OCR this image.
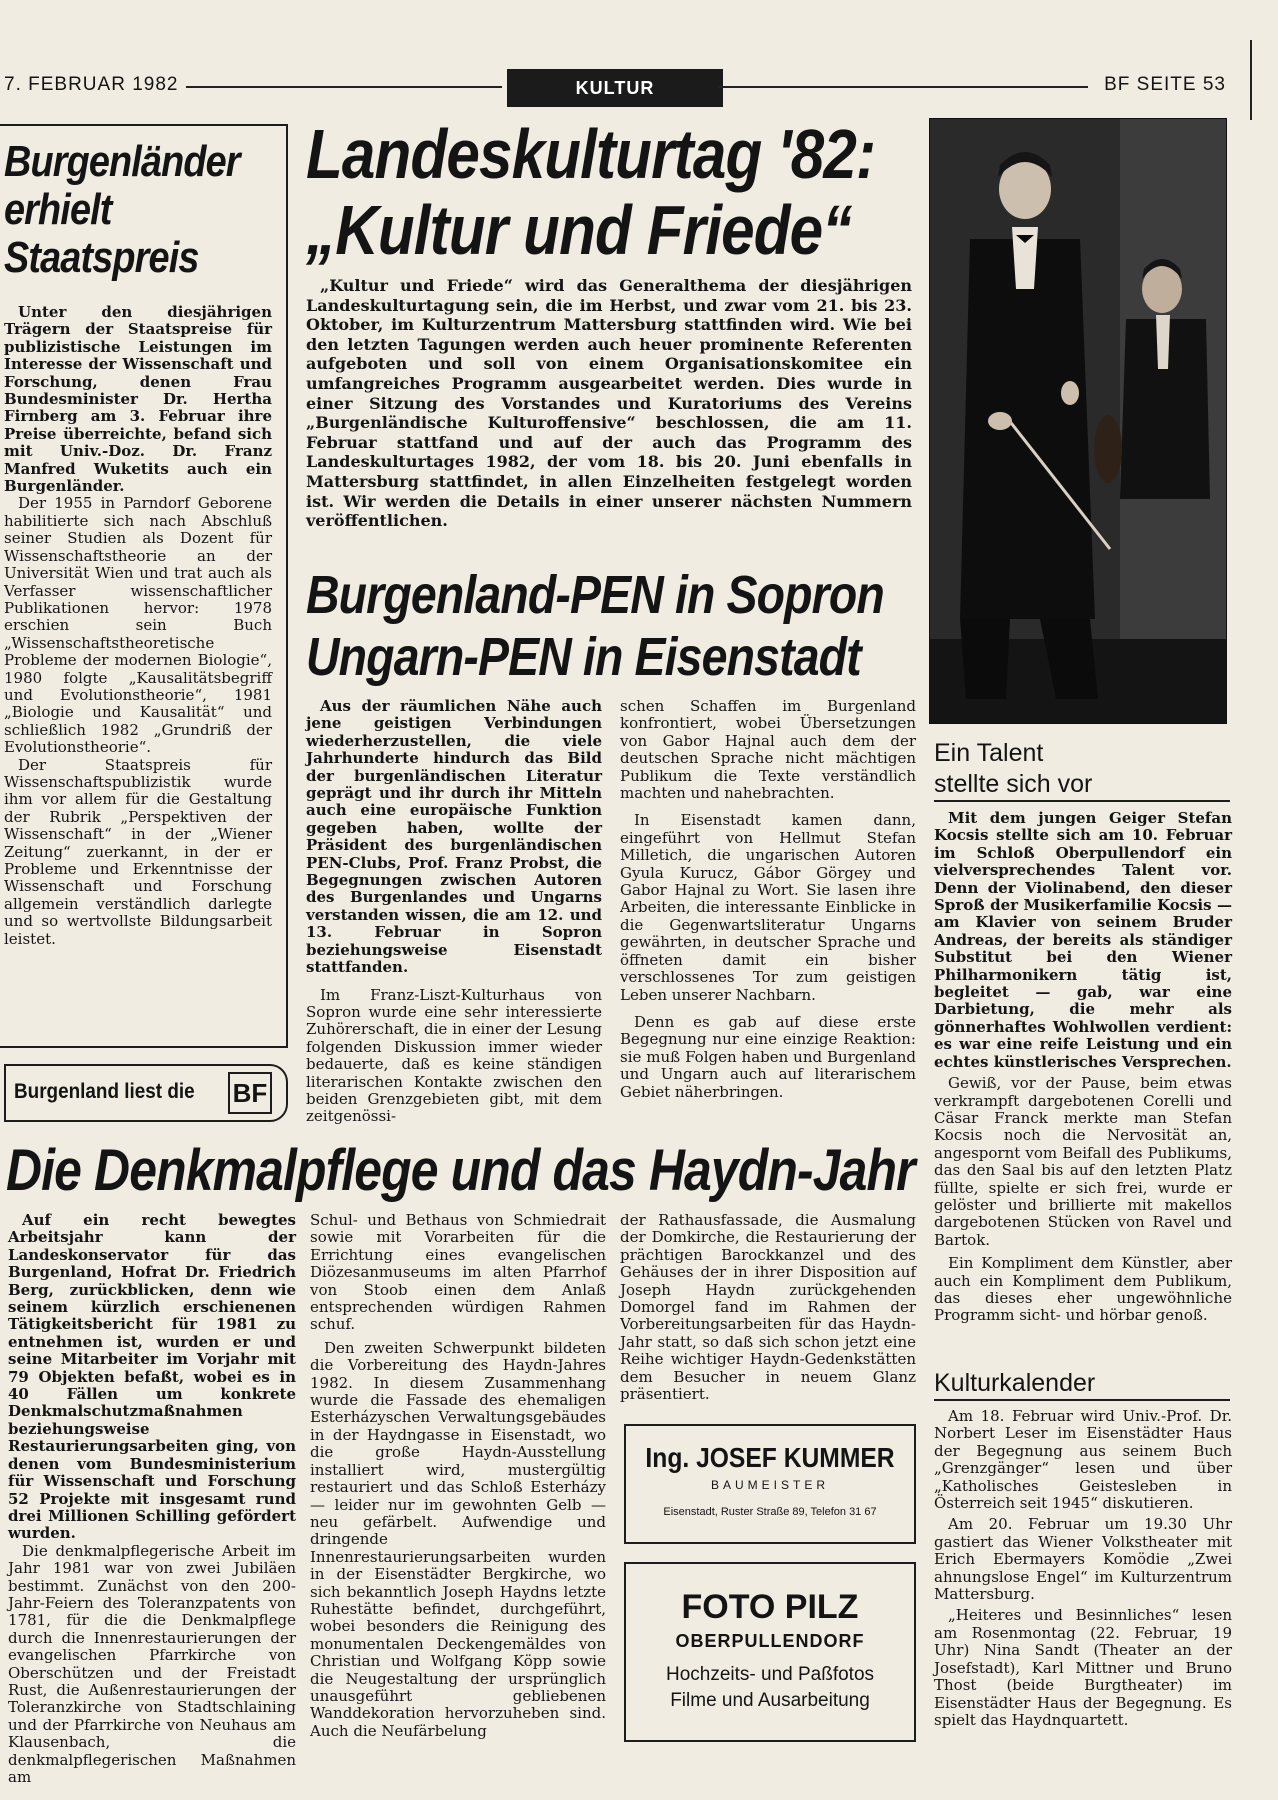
7. FEBRUAR 1982	KULTUR	BF SEITE 53
Burgenländer
erhielt
Staatspreis

Unter den diesjährigen Trägern der Staatspreise für publizistische Leistungen im Interesse der Wissenschaft und Forschung, denen Frau Bundesminister Dr. Hertha Firnberg am 3. Februar ihre Preise überreichte, befand sich mit Univ.-Doz. Dr. Franz Manfred Wuketits auch ein Burgenländer.

Der 1955 in Parndorf Geborene habilitierte sich nach Abschluß seiner Studien als Dozent für Wissenschaftstheorie an der Universität Wien und trat auch als Verfasser wissenschaftlicher Publikationen hervor: 1978 erschien sein Buch „Wissenschaftstheoretische Probleme der modernen Biologie“, 1980 folgte „Kausalitätsbegriff und Evolutionstheorie“, 1981 „Biologie und Kausalität“ und schließlich 1982 „Grundriß der Evolutionstheorie“.

Der Staatspreis für Wissenschaftspublizistik wurde ihm vor allem für die Gestaltung der Rubrik „Perspektiven der Wissenschaft“ in der „Wiener Zeitung“ zuerkannt, in der er Probleme und Erkenntnisse der Wissenschaft und Forschung allgemein verständlich darlegte und so wertvollste Bildungsarbeit leistet.

Burgenland liest die BF
Landeskulturtag '82:
„Kultur und Friede“

„Kultur und Friede“ wird das Generalthema der diesjährigen Landeskulturtagung sein, die im Herbst, und zwar vom 21. bis 23. Oktober, im Kulturzentrum Mattersburg stattfinden wird. Wie bei den letzten Tagungen werden auch heuer prominente Referenten aufgeboten und soll von einem Organisationskomitee ein umfangreiches Programm ausgearbeitet werden. Dies wurde in einer Sitzung des Vorstandes und Kuratoriums des Vereins „Burgenländische Kulturoffensive“ beschlossen, die am 11. Februar stattfand und auf der auch das Programm des Landeskulturtages 1982, der vom 18. bis 20. Juni ebenfalls in Mattersburg stattfindet, in allen Einzelheiten festgelegt worden ist. Wir werden die Details in einer unserer nächsten Nummern veröffentlichen.

Burgenland-PEN in Sopron
Ungarn-PEN in Eisenstadt

Aus der räumlichen Nähe auch jene geistigen Verbindungen wiederherzustellen, die viele Jahrhunderte hindurch das Bild der burgenländischen Literatur geprägt und ihr durch ihr Mitteln auch eine europäische Funktion gegeben haben, wollte der Präsident des burgenländischen PEN-Clubs, Prof. Franz Probst, die Begegnungen zwischen Autoren des Burgenlandes und Ungarns verstanden wissen, die am 12. und 13. Februar in Sopron beziehungsweise Eisenstadt stattfanden.

Im Franz-Liszt-Kulturhaus von Sopron wurde eine sehr interessierte Zuhörerschaft, die in einer der Lesung folgenden Diskussion immer wieder bedauerte, daß es keine ständigen literarischen Kontakte zwischen den beiden Grenzgebieten gibt, mit dem zeitgenössi-

schen Schaffen im Burgenland konfrontiert, wobei Übersetzungen von Gabor Hajnal auch dem der deutschen Sprache nicht mächtigen Publikum die Texte verständlich machten und nahebrachten.

In Eisenstadt kamen dann, eingeführt von Hellmut Stefan Milletich, die ungarischen Autoren Gyula Kurucz, Gábor Görgey und Gabor Hajnal zu Wort. Sie lasen ihre Arbeiten, die interessante Einblicke in die Gegenwartsliteratur Ungarns gewährten, in deutscher Sprache und öffneten damit ein bisher verschlossenes Tor zum geistigen Leben unserer Nachbarn.

Denn es gab auf diese erste Begegnung nur eine einzige Reaktion: sie muß Folgen haben und Burgenland und Ungarn auch auf literarischem Gebiet näherbringen.

Ein Talent
stellte sich vor

Mit dem jungen Geiger Stefan Kocsis stellte sich am 10. Februar im Schloß Oberpullendorf ein vielversprechendes Talent vor. Denn der Violinabend, den dieser Sproß der Musikerfamilie Kocsis — am Klavier von seinem Bruder Andreas, der bereits als ständiger Substitut bei den Wiener Philharmonikern tätig ist, begleitet — gab, war eine Darbietung, die mehr als gönnerhaftes Wohlwollen verdient: es war eine reife Leistung und ein echtes künstlerisches Versprechen.

Gewiß, vor der Pause, beim etwas verkrampft dargebotenen Corelli und Cäsar Franck merkte man Stefan Kocsis noch die Nervosität an, angespornt vom Beifall des Publikums, das den Saal bis auf den letzten Platz füllte, spielte er sich frei, wurde er gelöster und brillierte mit makellos dargebotenen Stücken von Ravel und Bartok.

Ein Kompliment dem Künstler, aber auch ein Kompliment dem Publikum, das dieses eher ungewöhnliche Programm sicht- und hörbar genoß.

Kulturkalender

Am 18. Februar wird Univ.-Prof. Dr. Norbert Leser im Eisenstädter Haus der Begegnung aus seinem Buch „Grenzgänger“ lesen und über „Katholisches Geistesleben in Österreich seit 1945“ diskutieren.

Am 20. Februar um 19.30 Uhr gastiert das Wiener Volkstheater mit Erich Ebermayers Komödie „Zwei ahnungslose Engel“ im Kulturzentrum Mattersburg.

„Heiteres und Besinnliches“ lesen am Rosenmontag (22. Februar, 19 Uhr) Nina Sandt (Theater an der Josefstadt), Karl Mittner und Bruno Thost (beide Burgtheater) im Eisenstädter Haus der Begegnung. Es spielt das Haydnquartett.

Die Denkmalpflege und das Haydn-Jahr

Auf ein recht bewegtes Arbeitsjahr kann der Landeskonservator für das Burgenland, Hofrat Dr. Friedrich Berg, zurückblicken, denn wie seinem kürzlich erschienenen Tätigkeitsbericht für 1981 zu entnehmen ist, wurden er und seine Mitarbeiter im Vorjahr mit 79 Objekten befaßt, wobei es in 40 Fällen um konkrete Denkmalschutzmaßnahmen beziehungsweise Restaurierungsarbeiten ging, von denen vom Bundesministerium für Wissenschaft und Forschung 52 Projekte mit insgesamt rund drei Millionen Schilling gefördert wurden.

Die denkmalpflegerische Arbeit im Jahr 1981 war von zwei Jubiläen bestimmt. Zunächst von den 200-Jahr-Feiern des Toleranzpatents von 1781, für die die Denkmalpflege durch die Innenrestaurierungen der evangelischen Pfarrkirche von Oberschützen und der Freistadt Rust, die Außenrestaurierungen der Toleranzkirche von Stadtschlaining und der Pfarrkirche von Neuhaus am Klausenbach, die denkmalpflegerischen Maßnahmen am

Schul- und Bethaus von Schmiedrait sowie mit Vorarbeiten für die Errichtung eines evangelischen Diözesanmuseums im alten Pfarrhof von Stoob einen dem Anlaß entsprechenden würdigen Rahmen schuf.

Den zweiten Schwerpunkt bildeten die Vorbereitung des Haydn-Jahres 1982. In diesem Zusammenhang wurde die Fassade des ehemaligen Esterházyschen Verwaltungsgebäudes in der Haydngasse in Eisenstadt, wo die große Haydn-Ausstellung installiert wird, mustergültig restauriert und das Schloß Esterházy — leider nur im gewohnten Gelb — neu gefärbelt. Aufwendige und dringende Innenrestaurierungsarbeiten wurden in der Eisenstädter Bergkirche, wo sich bekanntlich Joseph Haydns letzte Ruhestätte befindet, durchgeführt, wobei besonders die Reinigung des monumentalen Deckengemäldes von Christian und Wolfgang Köpp sowie die Neugestaltung der ursprünglich unausgeführt gebliebenen Wanddekoration hervorzuheben sind. Auch die Neufärbelung

der Rathausfassade, die Ausmalung der Domkirche, die Restaurierung der prächtigen Barockkanzel und des Gehäuses der in ihrer Disposition auf Joseph Haydn zurückgehenden Domorgel fand im Rahmen der Vorbereitungsarbeiten für das Haydn-Jahr statt, so daß sich schon jetzt eine Reihe wichtiger Haydn-Gedenkstätten dem Besucher in neuem Glanz präsentiert.

Ing. JOSEF KUMMER
BAUMEISTER
Eisenstadt, Ruster Straße 89, Telefon 31 67
FOTO PILZ
OBERPULLENDORF
Hochzeits- und Paßfotos
Filme und Ausarbeitung
